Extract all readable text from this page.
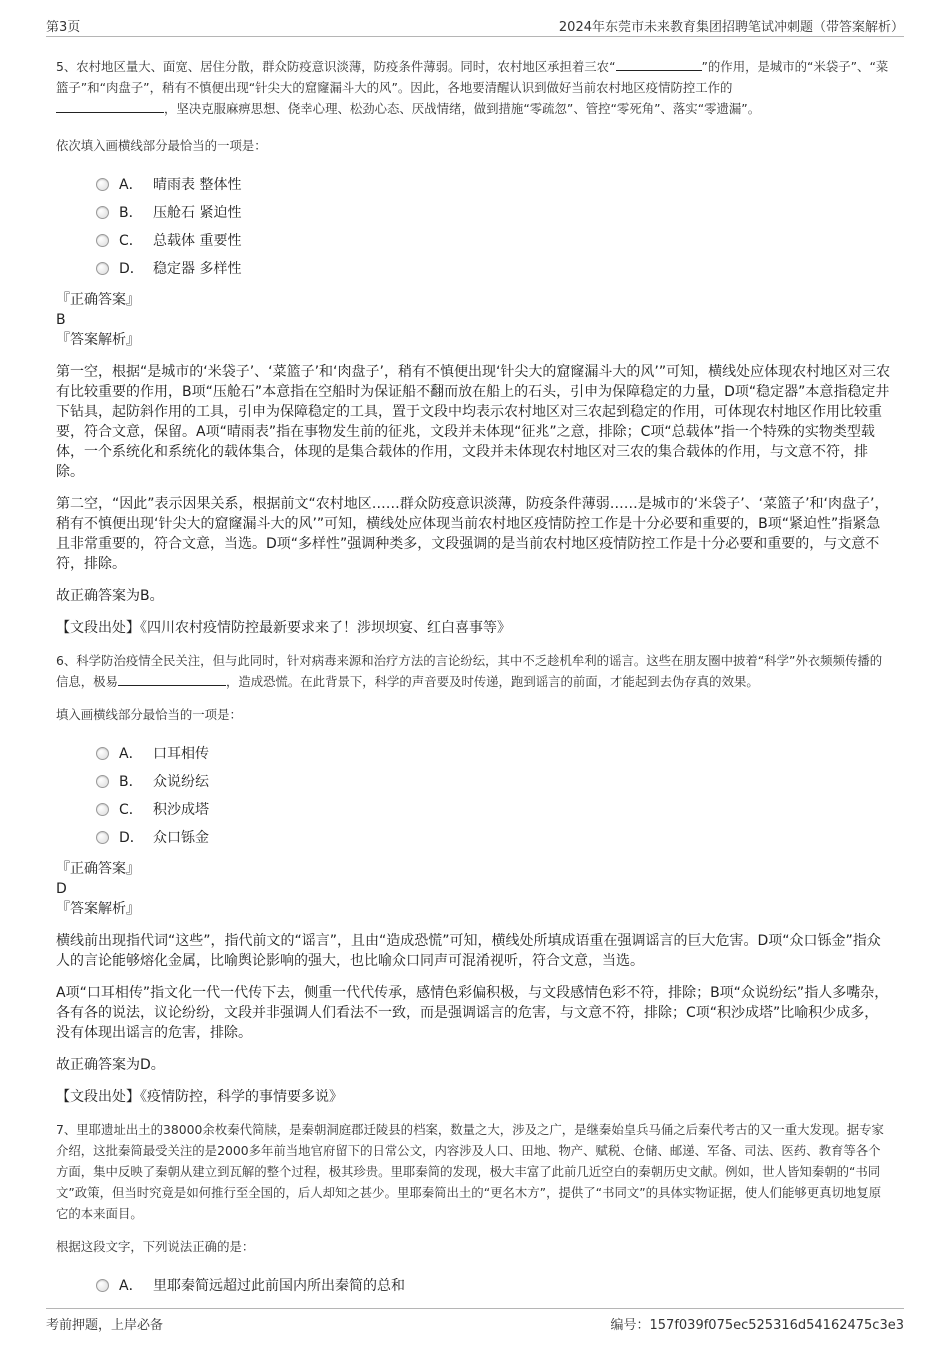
第3页	2024年东莞市未来教育集团招聘笔试冲刺题（带答案解析）

5、农村地区量大、面宽、居住分散，群众防疫意识淡薄，防疫条件薄弱。同时，农村地区承担着三农“	”的作用，是城市的“米袋子”、“菜篮子”和“肉盘子”，稍有不慎便出现“针尖大的窟窿漏斗大的风”。因此，各地要清醒认识到做好当前农村地区疫情防控工作的
，坚决克服麻痹思想、侥幸心理、松劲心态、厌战情绪，做到措施“零疏忽”、管控“零死角”、落实“零遗漏”。

依次填入画横线部分最恰当的一项是：

A． 晴雨表 整体性
B． 压舱石 紧迫性
C． 总载体 重要性
D． 稳定器 多样性

『正确答案』

B

『答案解析』

第一空，根据“是城市的‘米袋子’、‘菜篮子’和‘肉盘子’，稍有不慎便出现‘针尖大的窟窿漏斗大的风’”可知，横线处应体现农村地区对三农有比较重要的作用，B项“压舱石”本意指在空船时为保证船不翻而放在船上的石头，引申为保障稳定的力量，D项“稳定器”本意指稳定井下钻具，起防斜作用的工具，引申为保障稳定的工具，置于文段中均表示农村地区对三农起到稳定的作用，可体现农村地区作用比较重要，符合文意，保留。A项“晴雨表”指在事物发生前的征兆，文段并未体现“征兆”之意，排除；C项“总载体”指一个特殊的实物类型载体，一个系统化和系统化的载体集合，体现的是集合载体的作用，文段并未体现农村地区对三农的集合载体的作用，与文意不符，排除。

第二空，“因此”表示因果关系，根据前文“农村地区……群众防疫意识淡薄，防疫条件薄弱……是城市的‘米袋子’、‘菜篮子’和‘肉盘子’，稍有不慎便出现‘针尖大的窟窿漏斗大的风’”可知，横线处应体现当前农村地区疫情防控工作是十分必要和重要的，B项“紧迫性”指紧急且非常重要的，符合文意，当选。D项“多样性”强调种类多，文段强调的是当前农村地区疫情防控工作是十分必要和重要的，与文意不符，排除。

故正确答案为B。

【文段出处】《四川农村疫情防控最新要求来了！涉坝坝宴、红白喜事等》

6、科学防治疫情全民关注，但与此同时，针对病毒来源和治疗方法的言论纷纭，其中不乏趁机牟利的谣言。这些在朋友圈中披着“科学”外衣频频传播的信息，极易	，造成恐慌。在此背景下，科学的声音要及时传递，跑到谣言的前面，才能起到去伪存真的效果。

填入画横线部分最恰当的一项是：

A． 口耳相传
B． 众说纷纭
C． 积沙成塔
D． 众口铄金

『正确答案』

D

『答案解析』

横线前出现指代词“这些”，指代前文的“谣言”，且由“造成恐慌”可知，横线处所填成语重在强调谣言的巨大危害。D项“众口铄金”指众人的言论能够熔化金属，比喻舆论影响的强大，也比喻众口同声可混淆视听，符合文意，当选。

A项“口耳相传”指文化一代一代传下去，侧重一代代传承，感情色彩偏积极，与文段感情色彩不符，排除；B项“众说纷纭”指人多嘴杂，各有各的说法，议论纷纷，文段并非强调人们看法不一致，而是强调谣言的危害，与文意不符，排除；C项“积沙成塔”比喻积少成多，没有体现出谣言的危害，排除。

故正确答案为D。

【文段出处】《疫情防控，科学的事情要多说》

7、里耶遗址出土的38000余枚秦代简牍，是秦朝洞庭郡迁陵县的档案，数量之大，涉及之广，是继秦始皇兵马俑之后秦代考古的又一重大发现。据专家介绍，这批秦简最受关注的是2000多年前当地官府留下的日常公文，内容涉及人口、田地、物产、赋税、仓储、邮递、军备、司法、医药、教育等各个方面，集中反映了秦朝从建立到瓦解的整个过程，极其珍贵。里耶秦简的发现，极大丰富了此前几近空白的秦朝历史文献。例如，世人皆知秦朝的“书同文”政策，但当时究竟是如何推行至全国的，后人却知之甚少。里耶秦简出土的“更名木方”，提供了“书同文”的具体实物证据，使人们能够更真切地复原它的本来面目。

根据这段文字，下列说法正确的是：

A． 里耶秦简远超过此前国内所出秦简的总和
考前押题，上岸必备	编号：157f039f075ec525316d54162475c3e3
